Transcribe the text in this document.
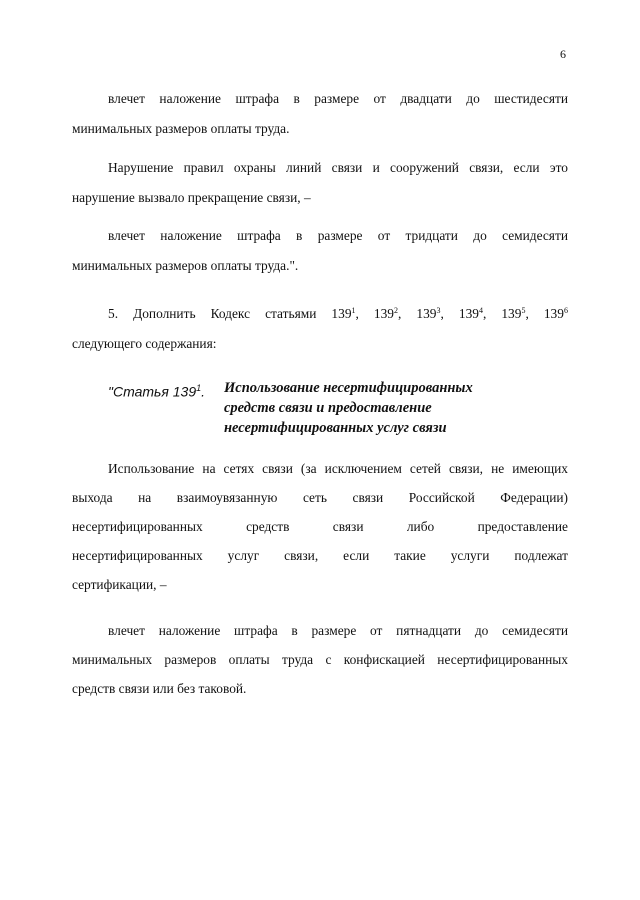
6
влечет наложение штрафа в размере от двадцати до шестидесяти
минимальных размеров оплаты труда.
Нарушение правил охраны линий связи и сооружений связи, если это
нарушение вызвало прекращение связи, –
влечет наложение штрафа в размере от тридцати до семидесяти
минимальных размеров оплаты труда.".
5. Дополнить Кодекс статьями $139^1$, $139^2$, $139^3$, $139^4$, $139^5$, $139^6$
следующего содержания:
"Статья $139^1$. Использование несертифицированных
средств связи и предоставление
несертифицированных услуг связи
Использование на сетях связи (за исключением сетей связи, не имеющих
выхода на взаимоувязанную сеть связи Российской Федерации)
несертифицированных средств связи либо предоставление
несертифицированных услуг связи, если такие услуги подлежат
сертификации, –
влечет наложение штрафа в размере от пятнадцати до семидесяти
минимальных размеров оплаты труда с конфискацией несертифицированных
средств связи или без таковой.
